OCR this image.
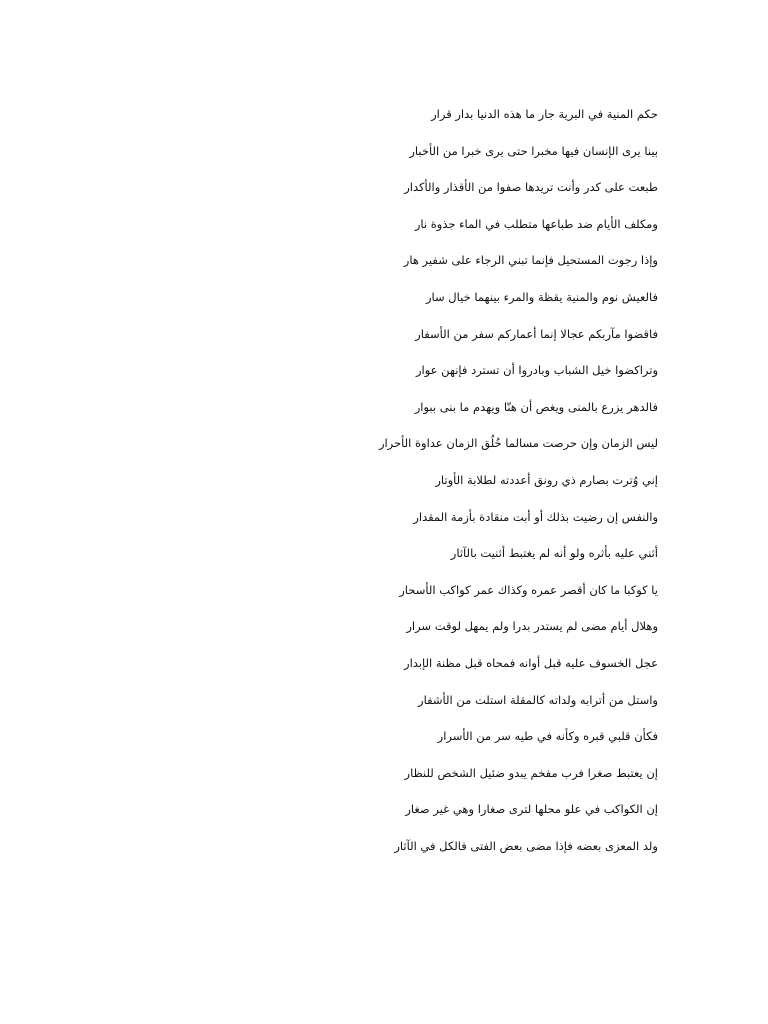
حكم المنية في البرية جار ما هذه الدنيا بدار قرار
بينا يرى الإنسان فيها مخبرا حتى يرى خبرا من الأخبار
طبعت على كدر وأنت تريدها صفوا من الأقذار والأكدار
ومكلف الأيام ضد طباعها متطلب في الماء جذوة نار
وإذا رجوت المستحيل فإنما تبني الرجاء على شفير هار
فالعيش نوم والمنية يقظة والمرء بينهما خيال سار
فاقضوا مآربكم عجالا إنما أعماركم سفر من الأسفار
وتراكضوا خيل الشباب وبادروا أن تسترد فإنهن عوار
فالدهر يزرع بالمنى ويغص أن هنّا ويهدم ما بنى ببوار
ليس الزمان وإن حرصت مسالما خُلُق الزمان عداوة الأحرار
إني وُترت بصارم ذي رونق أعددته لطلابة الأوتار
والنفس إن رضيت بذلك أو أبت منقادة بأزمة المقدار
أثني عليه بأثره ولو أنه لم يغتبط أثنيت بالآثار
يا كوكبا ما كان أقصر عمره وكذاك عمر كواكب الأسحار
وهلال أيام مضى لم يستدر بدرا ولم يمهل لوقت سرار
عجل الخسوف عليه قبل أوانه فمحاه قبل مظنة الإبدار
واستل من أترابه ولداته كالمقلة استلت من الأشفار
فكأن قلبي قبره وكأنه في طيه سر من الأسرار
إن يعتبط صغرا فرب مفخم يبدو ضئيل الشخص للنظار
إن الكواكب في علو محلها لترى صغارا وهي غير صغار
ولد المعزى بعضه فإذا مضى بعض الفتى فالكل في الآثار
